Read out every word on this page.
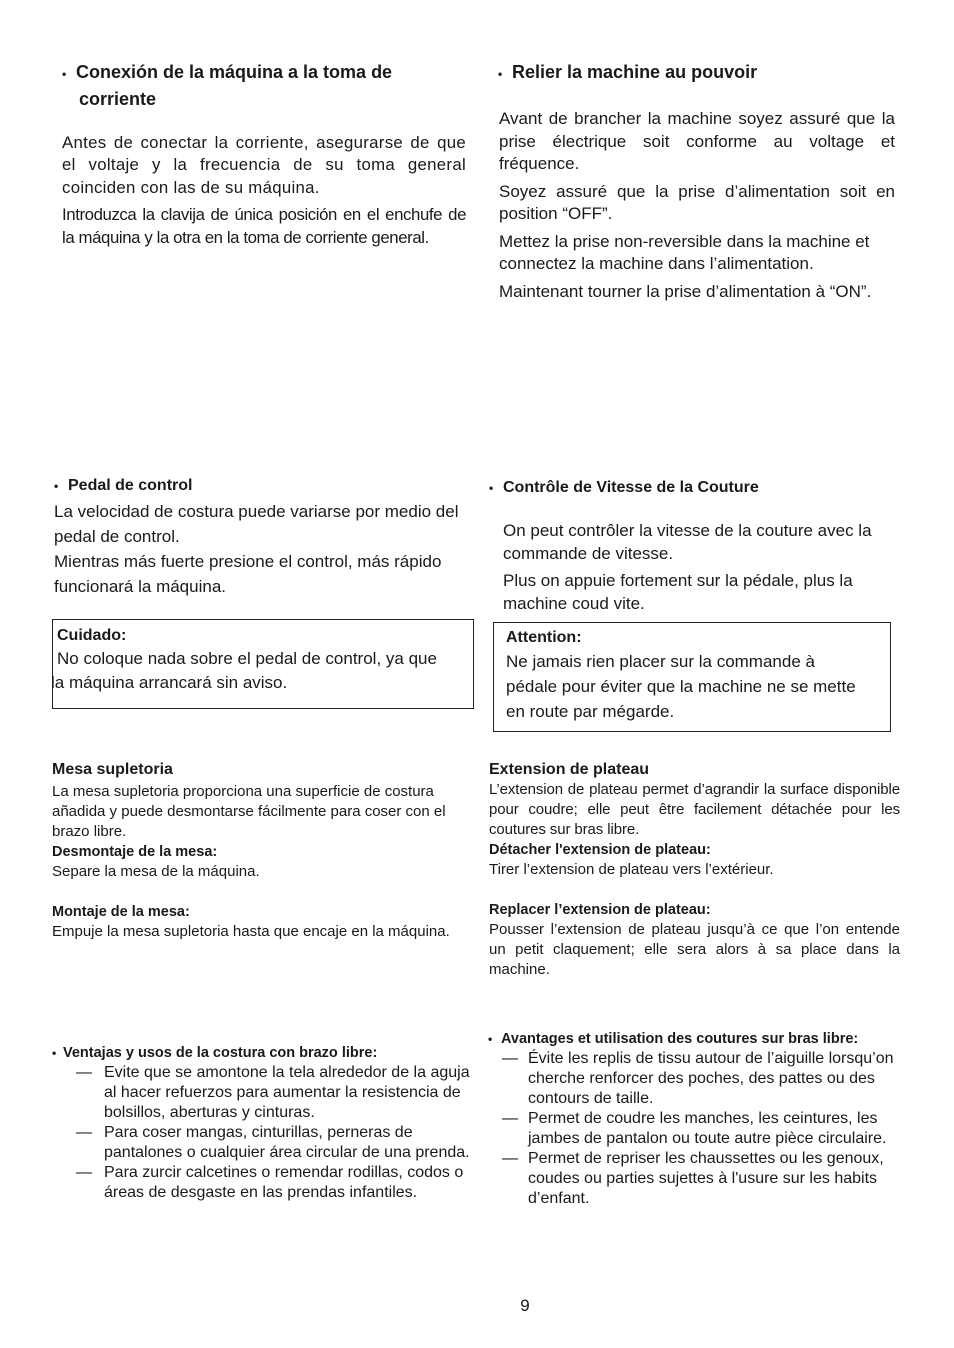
• Conexión de la máquina a la toma de
corriente

Antes de conectar la corriente, asegurarse de que el voltaje y la frecuencia de su toma general coinciden con las de su máquina.

Introduzca la clavija de única posición en el enchufe de la máquina y la otra en la toma de corriente general.

• Relier la machine au pouvoir

Avant de brancher la machine soyez assuré que la prise électrique soit conforme au voltage et fréquence.

Soyez assuré que la prise d’alimentation soit en position “OFF”.

Mettez la prise non-reversible dans la machine et connectez la machine dans l’alimentation.

Maintenant tourner la prise d’alimentation à “ON”.

• Pedal de control

La velocidad de costura puede variarse por medio del pedal de control.

Mientras más fuerte presione el control, más rápido funcionará la máquina.

Cuidado:

No coloque nada sobre el pedal de control, ya que

la máquina arrancará sin aviso.

• Contrôle de Vitesse de la Couture

On peut contrôler la vitesse de la couture avec la commande de vitesse.

Plus on appuie fortement sur la pédale, plus la machine coud vite.

Attention:

Ne jamais rien placer sur la commande à

pédale pour éviter que la machine ne se mette

en route par mégarde.

Mesa supletoria

La mesa supletoria proporciona una superficie de costura añadida y puede desmontarse fácilmente para coser con el brazo libre.

Desmontaje de la mesa:

Separe la mesa de la máquina.

Montaje de la mesa:

Empuje la mesa supletoria hasta que encaje en la máquina.

Extension de plateau

L’extension de plateau permet d’agrandir la surface disponible pour coudre; elle peut être facilement détachée pour les coutures sur bras libre.

Détacher l'extension de plateau:

Tirer l’extension de plateau vers l’extérieur.

Replacer l’extension de plateau:

Pousser l’extension de plateau jusqu’à ce que l’on entende un petit claquement; elle sera alors à sa place dans la machine.

• Ventajas y usos de la costura con brazo libre:

— Evite que se amontone la tela alrededor de la aguja al hacer refuerzos para aumentar la resistencia de bolsillos, aberturas y cinturas.
— Para coser mangas, cinturillas, perneras de pantalones o cualquier área circular de una prenda.
— Para zurcir calcetines o remendar rodillas, codos o áreas de desgaste en las prendas infantiles.

• Avantages et utilisation des coutures sur bras libre:

— Évite les replis de tissu autour de l’aiguille lorsqu’on cherche renforcer des poches, des pattes ou des contours de taille.
— Permet de coudre les manches, les ceintures, les jambes de pantalon ou toute autre pièce circulaire.
— Permet de repriser les chaussettes ou les genoux, coudes ou parties sujettes à l'usure sur les habits d’enfant.
9
